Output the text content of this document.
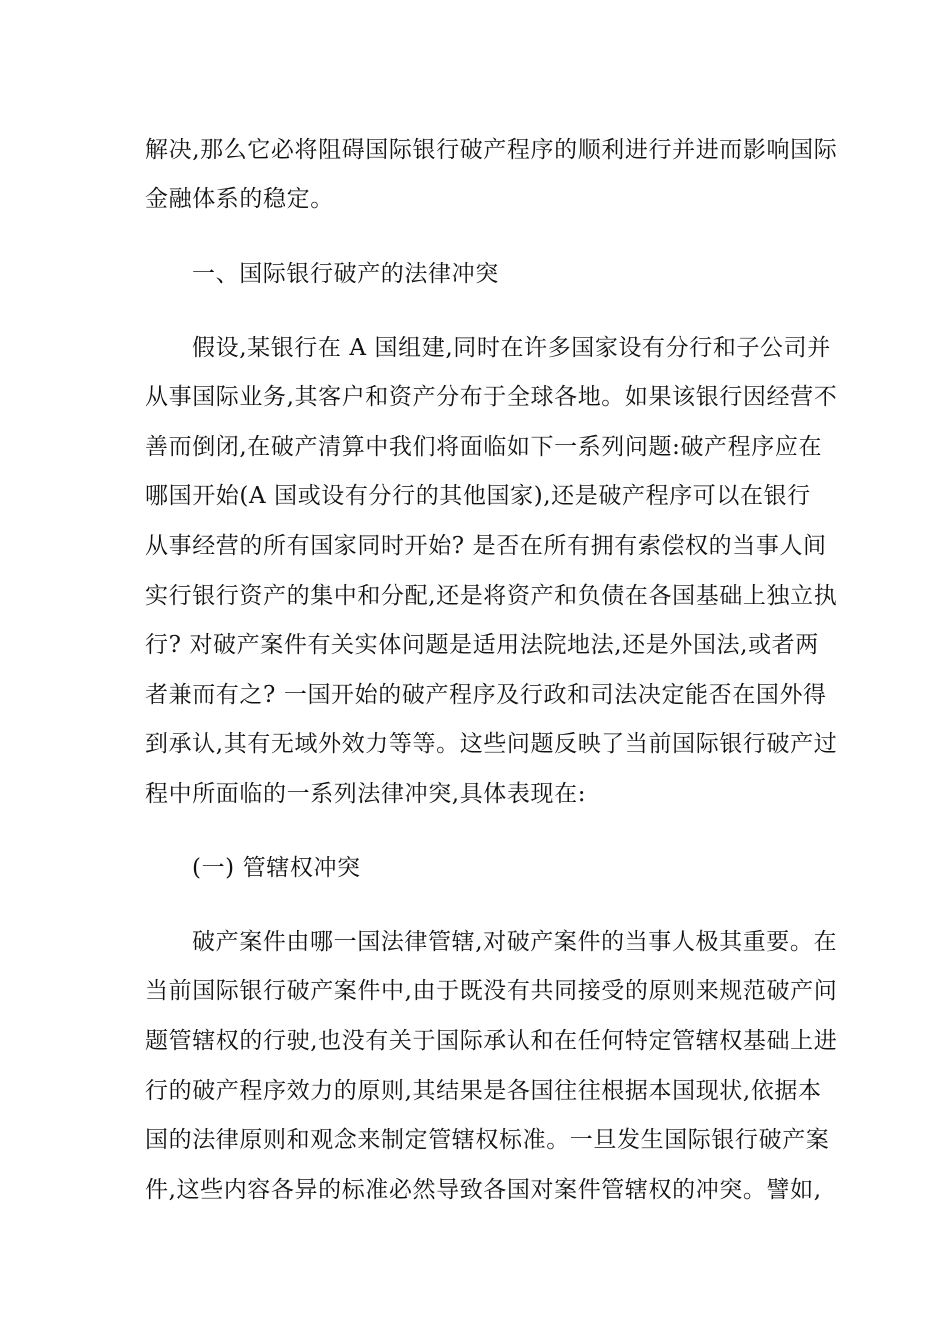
解决,那么它必将阻碍国际银行破产程序的顺利进行并进而影响国际
金融体系的稳定。
一、国际银行破产的法律冲突
假设,某银行在 A 国组建,同时在许多国家设有分行和子公司并
从事国际业务,其客户和资产分布于全球各地。如果该银行因经营不
善而倒闭,在破产清算中我们将面临如下一系列问题:破产程序应在
哪国开始(A 国或设有分行的其他国家),还是破产程序可以在银行
从事经营的所有国家同时开始? 是否在所有拥有索偿权的当事人间
实行银行资产的集中和分配,还是将资产和负债在各国基础上独立执
行? 对破产案件有关实体问题是适用法院地法,还是外国法,或者两
者兼而有之? 一国开始的破产程序及行政和司法决定能否在国外得
到承认,其有无域外效力等等。这些问题反映了当前国际银行破产过
程中所面临的一系列法律冲突,具体表现在:
(一) 管辖权冲突
破产案件由哪一国法律管辖,对破产案件的当事人极其重要。在
当前国际银行破产案件中,由于既没有共同接受的原则来规范破产问
题管辖权的行驶,也没有关于国际承认和在任何特定管辖权基础上进
行的破产程序效力的原则,其结果是各国往往根据本国现状,依据本
国的法律原则和观念来制定管辖权标准。一旦发生国际银行破产案
件,这些内容各异的标准必然导致各国对案件管辖权的冲突。譬如,
